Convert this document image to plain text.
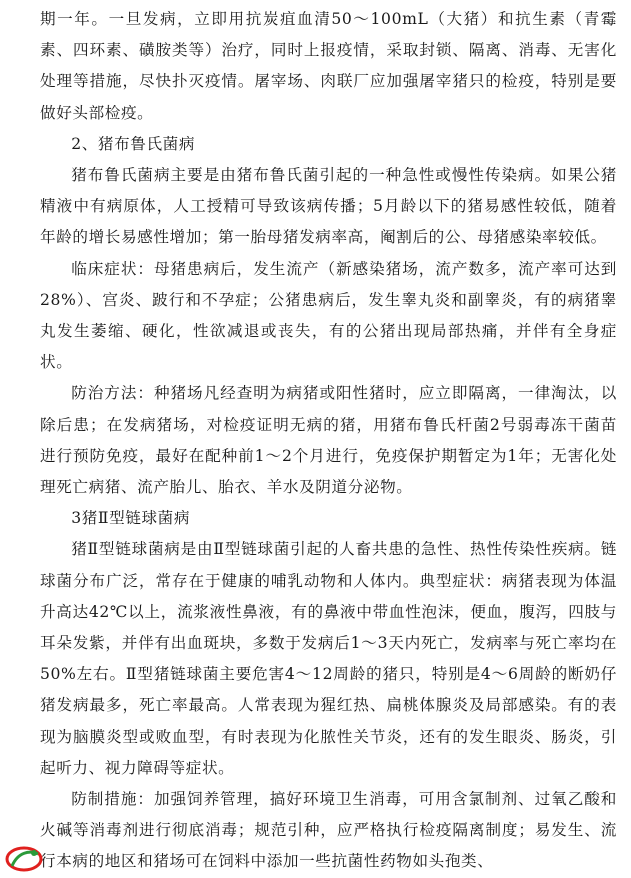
期一年。一旦发病，立即用抗炭疽血清50～100mL（大猪）和抗生素（青霉素、四环素、磺胺类等）治疗，同时上报疫情，采取封锁、隔离、消毒、无害化处理等措施，尽快扑灭疫情。屠宰场、肉联厂应加强屠宰猪只的检疫，特别是要做好头部检疫。

2、猪布鲁氏菌病

猪布鲁氏菌病主要是由猪布鲁氏菌引起的一种急性或慢性传染病。如果公猪精液中有病原体，人工授精可导致该病传播；5月龄以下的猪易感性较低，随着年龄的增长易感性增加；第一胎母猪发病率高，阉割后的公、母猪感染率较低。

临床症状：母猪患病后，发生流产（新感染猪场，流产数多，流产率可达到28%）、宫炎、跛行和不孕症；公猪患病后，发生睾丸炎和副睾炎，有的病猪睾丸发生萎缩、硬化，性欲减退或丧失，有的公猪出现局部热痛，并伴有全身症状。

防治方法：种猪场凡经查明为病猪或阳性猪时，应立即隔离，一律淘汰，以除后患；在发病猪场，对检疫证明无病的猪，用猪布鲁氏杆菌2号弱毒冻干菌苗进行预防免疫，最好在配种前1～2个月进行，免疫保护期暂定为1年；无害化处理死亡病猪、流产胎儿、胎衣、羊水及阴道分泌物。

3猪Ⅱ型链球菌病

猪Ⅱ型链球菌病是由Ⅱ型链球菌引起的人畜共患的急性、热性传染性疾病。链球菌分布广泛，常存在于健康的哺乳动物和人体内。典型症状：病猪表现为体温升高达42℃以上，流浆液性鼻液，有的鼻液中带血性泡沫，便血，腹泻，四肢与耳朵发紫，并伴有出血斑块，多数于发病后1～3天内死亡，发病率与死亡率均在50%左右。Ⅱ型猪链球菌主要危害4～12周龄的猪只，特别是4～6周龄的断奶仔猪发病最多，死亡率最高。人常表现为猩红热、扁桃体腺炎及局部感染。有的表现为脑膜炎型或败血型，有时表现为化脓性关节炎，还有的发生眼炎、肠炎，引起听力、视力障碍等症状。

防制措施：加强饲养管理，搞好环境卫生消毒，可用含氯制剂、过氧乙酸和火碱等消毒剂进行彻底消毒；规范引种，应严格执行检疫隔离制度；易发生、流行本病的地区和猪场可在饲料中添加一些抗菌性药物如头孢类、
